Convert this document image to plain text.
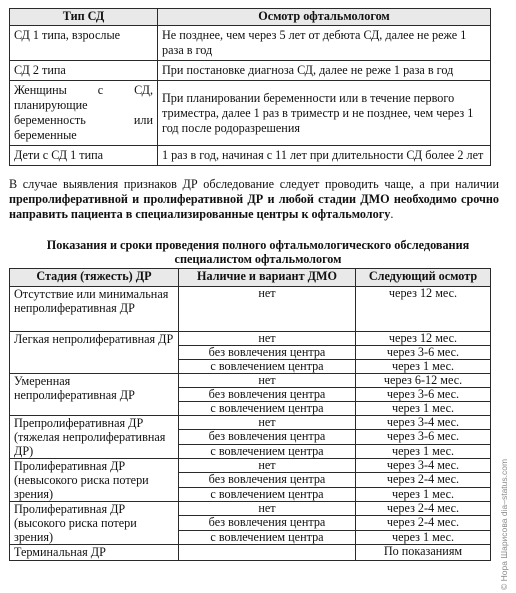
Тип СД	Осмотр офтальмологом
СД 1 типа, взрослые	Не позднее, чем через 5 лет от дебюта СД, далее не реже 1 раза в год
СД 2 типа	При постановке диагноза СД, далее не реже 1 раза в год
Женщины с СД, планирующие беременность или беременные	При планировании беременности или в течение первого триместра, далее 1 раз в триместр и не позднее, чем через 1 год после родоразрешения
Дети с СД 1 типа	1 раз в год, начиная с 11 лет при длительности СД более 2 лет
В случае выявления признаков ДР обследование следует проводить чаще, а при наличии препролиферативной и пролиферативной ДР и любой стадии ДМО необходимо срочно направить пациента в специализированные центры к офтальмологу.
Показания и сроки проведения полного офтальмологического обследования
специалистом офтальмологом
Стадия (тяжесть) ДР	Наличие и вариант ДМО	Следующий осмотр
Отсутствие или минимальная непролиферативная ДР	нет	через 12 мес.
Легкая непролиферативная ДР	нет	через 12 мес.
	без вовлечения центра	через 3-6 мес.
	с вовлечением центра	через 1 мес.
Умеренная непролиферативная ДР	нет	через 6-12 мес.
	без вовлечения центра	через 3-6 мес.
	с вовлечением центра	через 1 мес.
Препролиферативная ДР (тяжелая непролиферативная ДР)	нет	через 3-4 мес.
	без вовлечения центра	через 3-6 мес.
	с вовлечением центра	через 1 мес.
Пролиферативная ДР (невысокого риска потери зрения)	нет	через 3-4 мес.
	без вовлечения центра	через 2-4 мес.
	с вовлечением центра	через 1 мес.
Пролиферативная ДР (высокого риска потери зрения)	нет	через 2-4 мес.
	без вовлечения центра	через 2-4 мес.
	с вовлечением центра	через 1 мес.
Терминальная ДР		По показаниям	© Нора Шарисова dia–status.com
